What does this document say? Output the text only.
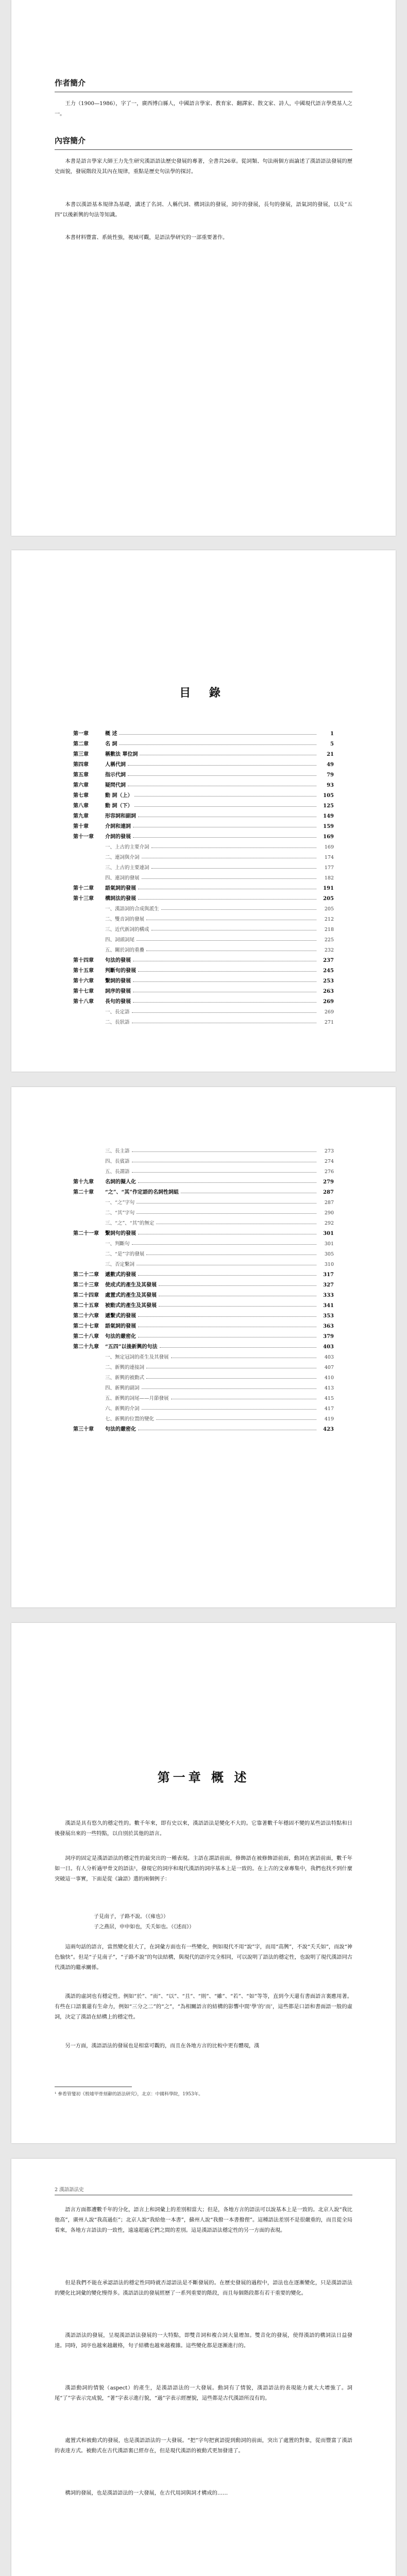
作者簡介

王力（1900—1986），字了一，廣西博白縣人，中國語言學家、教育家、翻譯家、散文家、詩人，中國現代語言學奠基人之一。

內容簡介

本書是語言學家大師王力先生研究漢語語法歷史發展的專著，全書共26章。從詞類、句法兩個方面論述了漢語語法發展的歷史面貌，發展階段及其內在規律，重點是歷史句法學的探討。

本書以漢語基本規律為基礎，講述了名詞、人稱代詞、構詞法的發展，詞序的發展，長句的發展，語氣詞的發展，以及“五四”以後新興的句法等知識。

本書材料豐富、系統性強，視域可觀，是語法學研究的一部重要著作。

目 錄
第一章	概 述	1
第二章	名 詞	5
第三章	稱數法 單位詞	21
第四章	人稱代詞	49
第五章	指示代詞	79
第六章	疑問代詞	93
第七章	動 詞（上）	105
第八章	動 詞（下）	125
第九章	形容詞和副詞	149
第十章	介詞和連詞	159
第十一章	介詞的發展	169
一、上古的主要介詞	169
二、連詞與介詞	174
三、上古的主要連詞	177
四、連詞的發展	182
第十二章	語氣詞的發展	191
第十三章	構詞法的發展	205
一、漢語詞的合成與派生	205
二、雙音詞的發展	212
三、近代新詞的構成	218
四、詞頭詞尾	225
五、關於詞的重疊	232
第十四章	句法的發展	237
第十五章	判斷句的發展	245
第十六章	繫詞的發展	253
第十七章	詞序的發展	263
第十八章	長句的發展	269
一、長定語	269
二、長狀語	271
三、長主語	273
四、長賓語	274
五、長謂語	276
第十九章	名詞的擬人化	279
第二十章	“之”、“其”作定語的名詞性詞組	287
一、“之”字句	287
二、“其”字句	290
三、“之”、“其”的無定	292
第二十一章	繫詞句的發展	301
一、判斷句	301
二、“是”字的發展	305
三、否定繫詞	310
第二十二章	遞數式的發展	317
第二十三章	使成式的產生及其發展	327
第二十四章	處置式的產生及其發展	333
第二十五章	被動式的產生及其發展	341
第二十六章	遞繫式的發展	353
第二十七章	語氣詞的發展	363
第二十八章	句法的嚴密化	379
第二十九章	“五四”以後新興的句法	403
一、無定冠詞的產生及其發展	403
二、新興的連接詞	407
三、新興的被動式	410
四、新興的副詞	413
五、新興的詞尾——月節發展	415
六、新興的介詞	417
七、新興的位置的變化	419
第三十章	句法的嚴密化	423
第一章 概 述

漢語是具有悠久的穩定性的。數千年來，即有史以來，漢語語法是變化不大的。它靠著數千年穩固不變的某些語法特點和日後發展出來的一些特點，以自別於其他的語言。

詞序的固定是漢語語法的穩定性的最突出的一種表現。主語在謂語前面，修飾語在被修飾語前面，動詞在賓語前面，數千年如一日。有人分析過甲骨文的語法¹，發現它的詞序和現代漢語的詞序基本上是一致的。在上古的文章專集中，我們也找不到什麼突破這一事實，下面是從《論語》選的兩個例子：

子見南子，子路不說。（《雍也》）

子之燕居，申申如也，夭夭如也。（《述而》）

這兩句話的語言，當然變化很大了，在詞彙方面也有一些變化，例如現代不用“說”字，而用“高興”，不說“夭夭如”，而說“神色愉快”。但是“子見南子”，“子路不說”的句法結構，與現代的語序完全相同，可以說明了語法的穩定性，也說明了現代漢語同古代漢語的繼承關係。

漢語的虛詞也有穩定性。例如“於”、“而”、“以”、“且”、“則”、“雖”、“若”、“如”等等，直到今天還有書面語言裏應用著。有些在口語裏還有生命力，例如“三分之二”的“之”，“為相關語言的結構的影響中間‘學’的‘而’，這些都是口語和書面語一般的虛詞，決定了漢語在結構上的穩定性。

另一方面，漢語語法的發展也是相當可觀的，而且在各地方言的比較中更有體現，漢

¹ 參看管燮初《殷墟甲骨刻辭的語法研究》，北京：中國科學院，1953年。

2 漢語語法史

語言方面都遭數千年的分化，語言上和詞彙上的差別相當大；但是，各地方言的語法可以說基本上是一致的。北京人說“我比他高”，廣州人說“我高過佢”；北京人說“我給他一本書”，蘇州人說“我撥一本書撥俚”。這種語法差別不是很嚴重的，而且從全局看來，各地方言語法的一致性，遠遠超過它們之間的差別。這是漢語語法穩定性的另一方面的表現。

但是我們不能在承認語法的穩定性同時就否認語法是不斷發展的。在歷史發展的過程中，語法也在逐漸變化，只是漢語語法的變化比詞彙的變化慢得多。漢語語法的發展經歷了一系列重要的階段，而且每個階段都有若干重要的變化。

漢語語法的發展，呈現漢語語法發展的一大特點，即雙音詞和複合詞大量增加。雙音化的發展，使得漢語的構詞法日益發達。同時，詞序也越來越嚴格，句子結構也越來越複雜。這些變化都是逐漸進行的。

漢語動詞的情貌（aspect）的產生，是漢語語法的一大發展。動詞有了情貌，漢語語法的表現能力就大大增強了。詞尾“了”字表示完成貌，“著”字表示進行貌，“過”字表示經歷貌，這些都是古代漢語所沒有的。

處置式和被動式的發展，也是漢語語法的一大發展。“把”字句把賓語提到動詞的前面，突出了處置的對象，從而豐富了漢語的表達方式。被動式在古代漢語裏已經存在，但是現代漢語的被動式更加發達了。

構詞的發展，也是漢語語法的一大發展，在古代用詞與詞才構成的……
